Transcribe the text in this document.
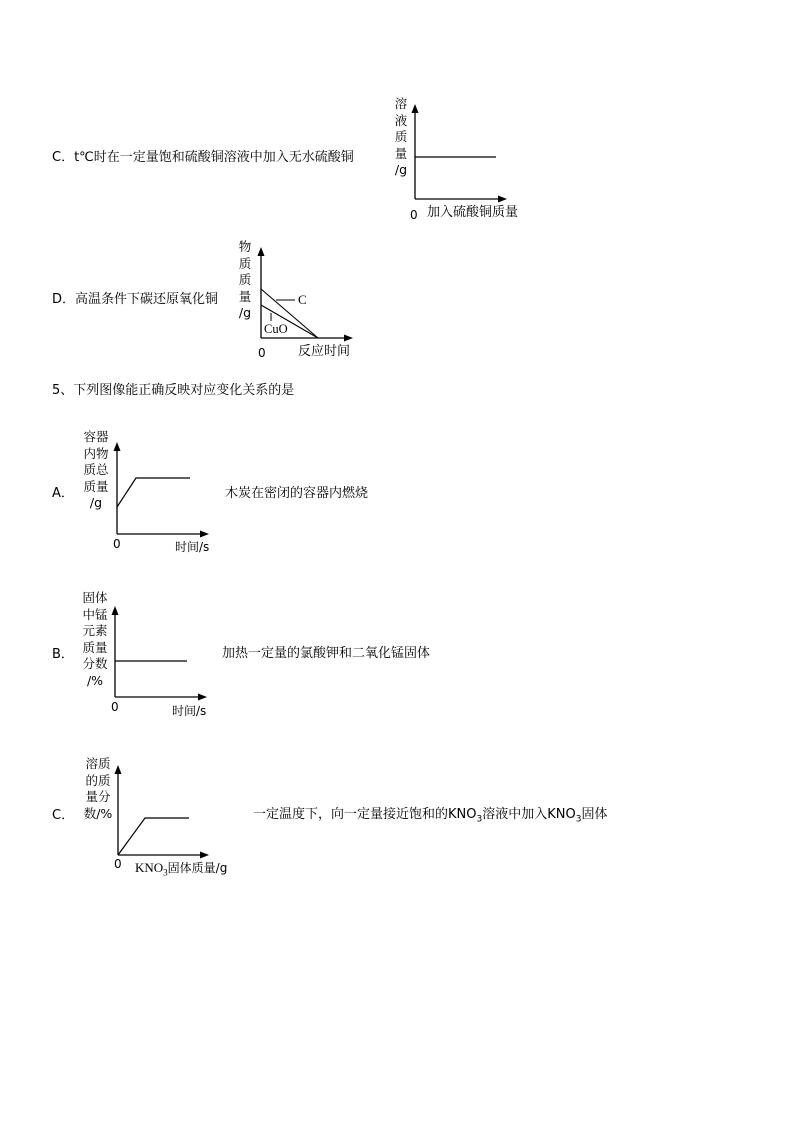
C．t℃时在一定量饱和硫酸铜溶液中加入无水硫酸铜
溶
液
质
量
/g
0 加入硫酸铜质量
D．高温条件下碳还原氧化铜
物
质
质
量
/g
C
CuO
0 反应时间
5、下列图像能正确反映对应变化关系的是
A．	木炭在密闭的容器内燃烧
容器
内物
质总
质量
/g
0	时间/s
B．	加热一定量的氯酸钾和二氧化锰固体
固体
中锰
元素
质量
分数
/%
0	时间/s
C．	一定温度下，向一定量接近饱和的$KNO_3$溶液中加入$KNO_3$固体
溶质
的质
量分
数/%
0 $KNO_3$固体质量/g
